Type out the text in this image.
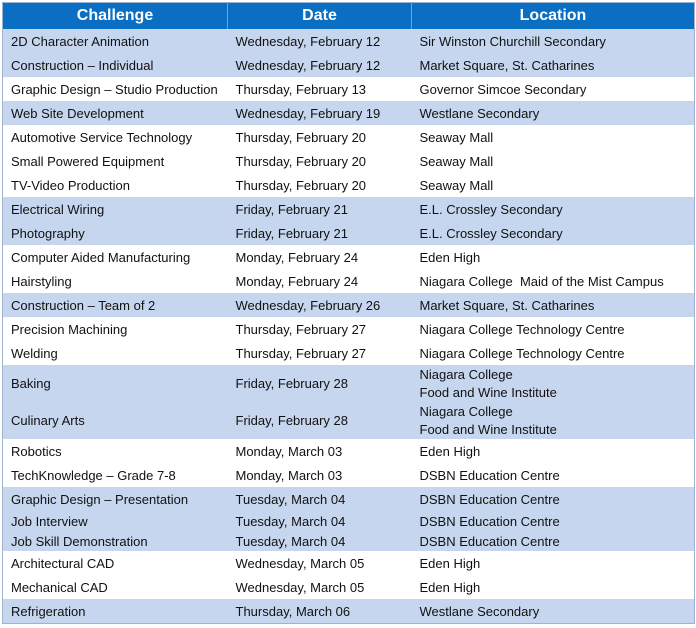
Challenge	Date	Location
2D Character Animation	Wednesday, February 12	Sir Winston Churchill Secondary
Construction – Individual	Wednesday, February 12	Market Square, St. Catharines
Graphic Design – Studio Production	Thursday, February 13	Governor Simcoe Secondary
Web Site Development	Wednesday, February 19	Westlane Secondary
Automotive Service Technology	Thursday, February 20	Seaway Mall
Small Powered Equipment	Thursday, February 20	Seaway Mall
TV-Video Production	Thursday, February 20	Seaway Mall
Electrical Wiring	Friday, February 21	E.L. Crossley Secondary
Photography	Friday, February 21	E.L. Crossley Secondary
Computer Aided Manufacturing	Monday, February 24	Eden High
Hairstyling	Monday, February 24	Niagara College  Maid of the Mist Campus
Construction – Team of 2	Wednesday, February 26	Market Square, St. Catharines
Precision Machining	Thursday, February 27	Niagara College Technology Centre
Welding	Thursday, February 27	Niagara College Technology Centre
Baking	Friday, February 28	Niagara College
Food and Wine Institute

Culinary Arts	Friday, February 28	Niagara College
Food and Wine Institute

Robotics	Monday, March 03	Eden High
TechKnowledge – Grade 7-8	Monday, March 03	DSBN Education Centre
Graphic Design – Presentation	Tuesday, March 04	DSBN Education Centre
Job Interview	Tuesday, March 04	DSBN Education Centre
Job Skill Demonstration	Tuesday, March 04	DSBN Education Centre
Architectural CAD	Wednesday, March 05	Eden High
Mechanical CAD	Wednesday, March 05	Eden High
Refrigeration	Thursday, March 06	Westlane Secondary
